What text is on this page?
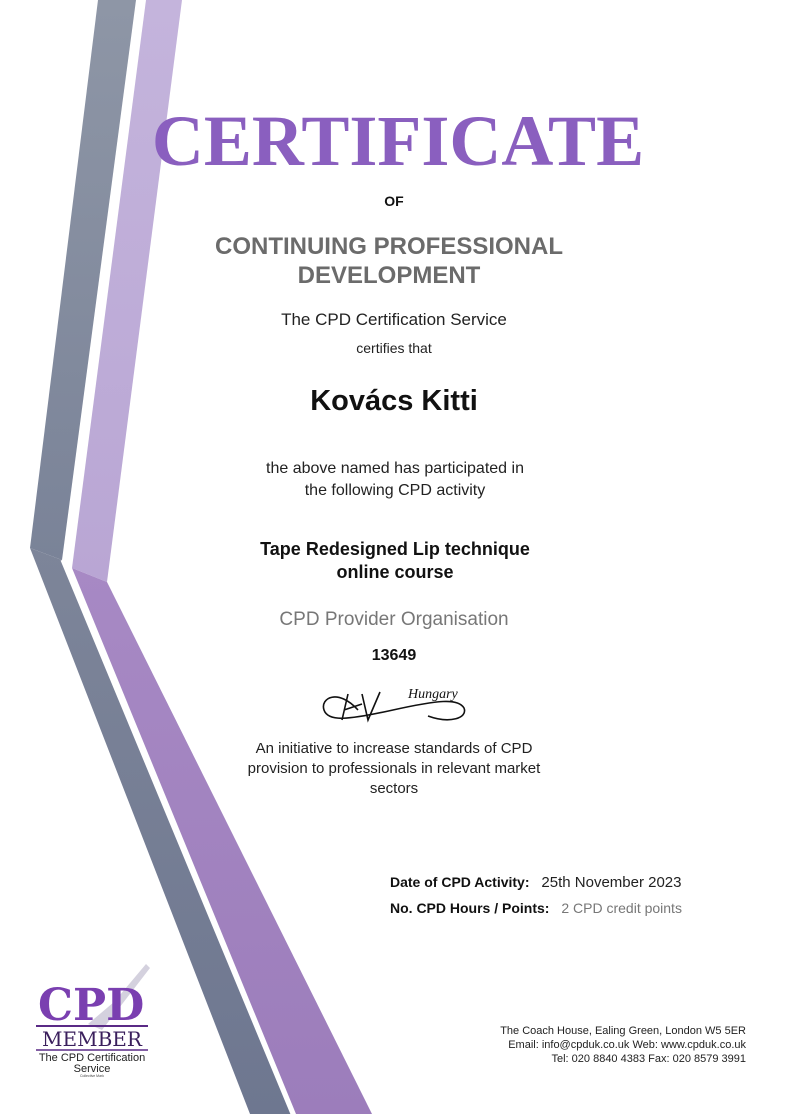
CERTIFICATE
OF
CONTINUING PROFESSIONAL
DEVELOPMENT
The CPD Certification Service
certifies that
Kovács Kitti
the above named has participated in
the following CPD activity
Tape Redesigned Lip technique
online course
CPD Provider Organisation
13649
Hungary
An initiative to increase standards of CPD
provision to professionals in relevant market
sectors
Date of CPD Activity: 25th November 2023
No. CPD Hours / Points: 2 CPD credit points
CPD
MEMBER
The CPD Certification
Service
Collective Mark
The Coach House, Ealing Green, London W5 5ER
Email: info@cpduk.co.uk Web: www.cpduk.co.uk
Tel: 020 8840 4383 Fax: 020 8579 3991
